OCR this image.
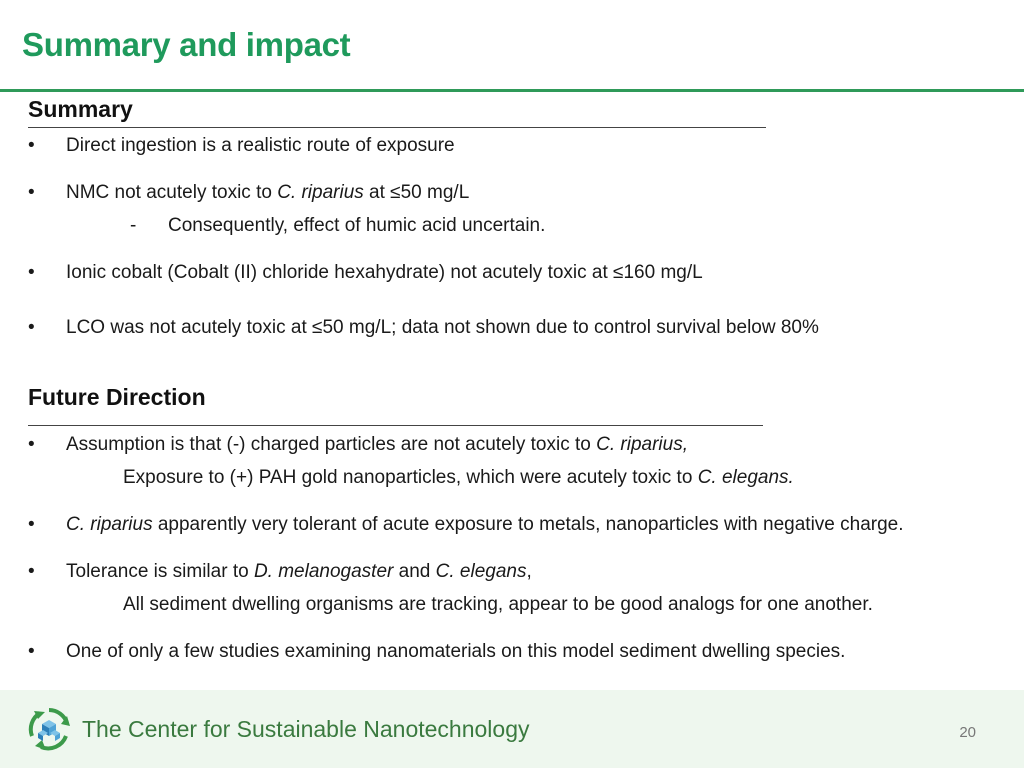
Summary and impact
Summary
• Direct ingestion is a realistic route of exposure
• NMC not acutely toxic to C. riparius at ≤50 mg/L
- Consequently, effect of humic acid uncertain.
• Ionic cobalt (Cobalt (II) chloride hexahydrate) not acutely toxic at ≤160 mg/L
• LCO was not acutely toxic at ≤50 mg/L; data not shown due to control survival below 80%
Future Direction
• Assumption is that (-) charged particles are not acutely toxic to C. riparius,
Exposure to (+) PAH gold nanoparticles, which were acutely toxic to C. elegans.
• C. riparius apparently very tolerant of acute exposure to metals, nanoparticles with negative charge.
• Tolerance is similar to D. melanogaster and C. elegans,
All sediment dwelling organisms are tracking, appear to be good analogs for one another.
• One of only a few studies examining nanomaterials on this model sediment dwelling species.
The Center for Sustainable Nanotechnology	20
